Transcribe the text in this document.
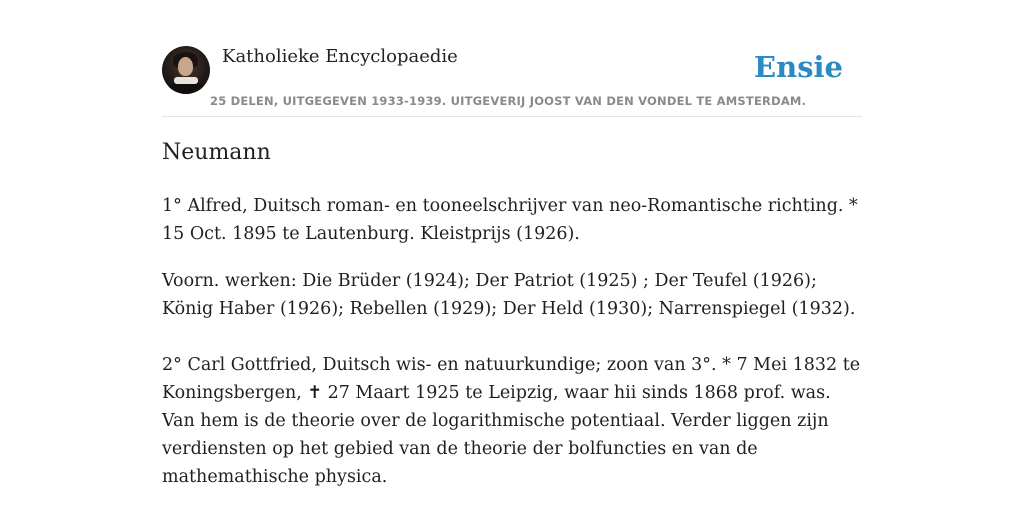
Katholieke Encyclopaedie
25 DELEN, UITGEGEVEN 1933-1939. UITGEVERIJ JOOST VAN DEN VONDEL TE AMSTERDAM.
Ensie
Neumann

1° Alfred, Duitsch roman- en tooneelschrijver van neo-Romantische richting. * 15 Oct. 1895 te Lautenburg. Kleistprijs (1926).

Voorn. werken: Die Brüder (1924); Der Patriot (1925) ; Der Teufel (1926); König Haber (1926); Rebellen (1929); Der Held (1930); Narrenspiegel (1932).

2° Carl Gottfried, Duitsch wis- en natuurkundige; zoon van 3°. * 7 Mei 1832 te Koningsbergen, ✝ 27 Maart 1925 te Leipzig, waar hii sinds 1868 prof. was. Van hem is de theorie over de logarithmische potentiaal. Verder liggen zijn verdiensten op het gebied van de theorie der bolfuncties en van de mathemathische physica.
